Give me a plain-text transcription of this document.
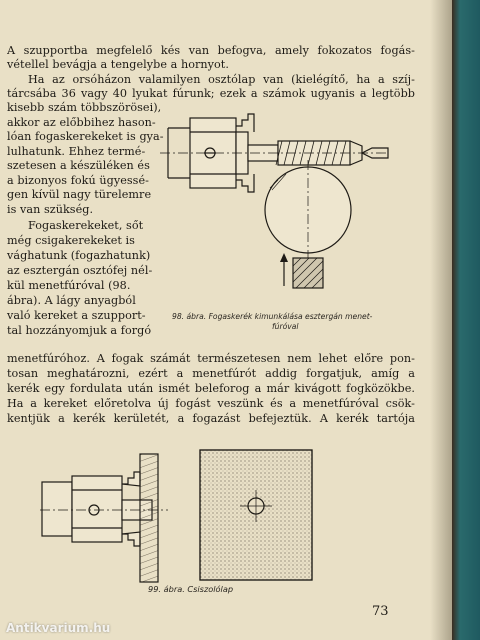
A szupportba megfelelő kés van befogva, amely fokozatos fogás-
vétellel bevágja a tengelybe a hornyot.
Ha az orsóházon valamilyen osztólap van (kielégítő, ha a szíj-
tárcsába 36 vagy 40 lyukat fúrunk; ezek a számok ugyanis a legtöbb
kisebb szám többszörösei),
akkor az előbbihez hason-
lóan fogaskerekeket is gya-
lulhatunk. Ehhez termé-
szetesen a készüléken és
a bizonyos fokú ügyessé-
gen kívül nagy türelemre
is van szükség.
Fogaskerekeket, sőt
még csigakerekeket is
vághatunk (fogazhatunk)
az esztergán osztófej nél-
kül menetfúróval (98.
ábra). A lágy anyagból
való kereket a szupport-
tal hozzányomjuk a forgó
98. ábra. Fogaskerék kimunkálása esztergán menet-
fúróval
menetfúróhoz. A fogak számát természetesen nem lehet előre pon-
tosan meghatározni, ezért a menetfúrót addig forgatjuk, amíg a
kerék egy fordulata után ismét beleforog a már kivágott fogközökbe.
Ha a kereket előretolva új fogást veszünk és a menetfúróval csök-
kentjük a kerék kerületét, a fogazást befejeztük. A kerék tartója
99. ábra. Csiszolólap
73
Antikvarium.hu
